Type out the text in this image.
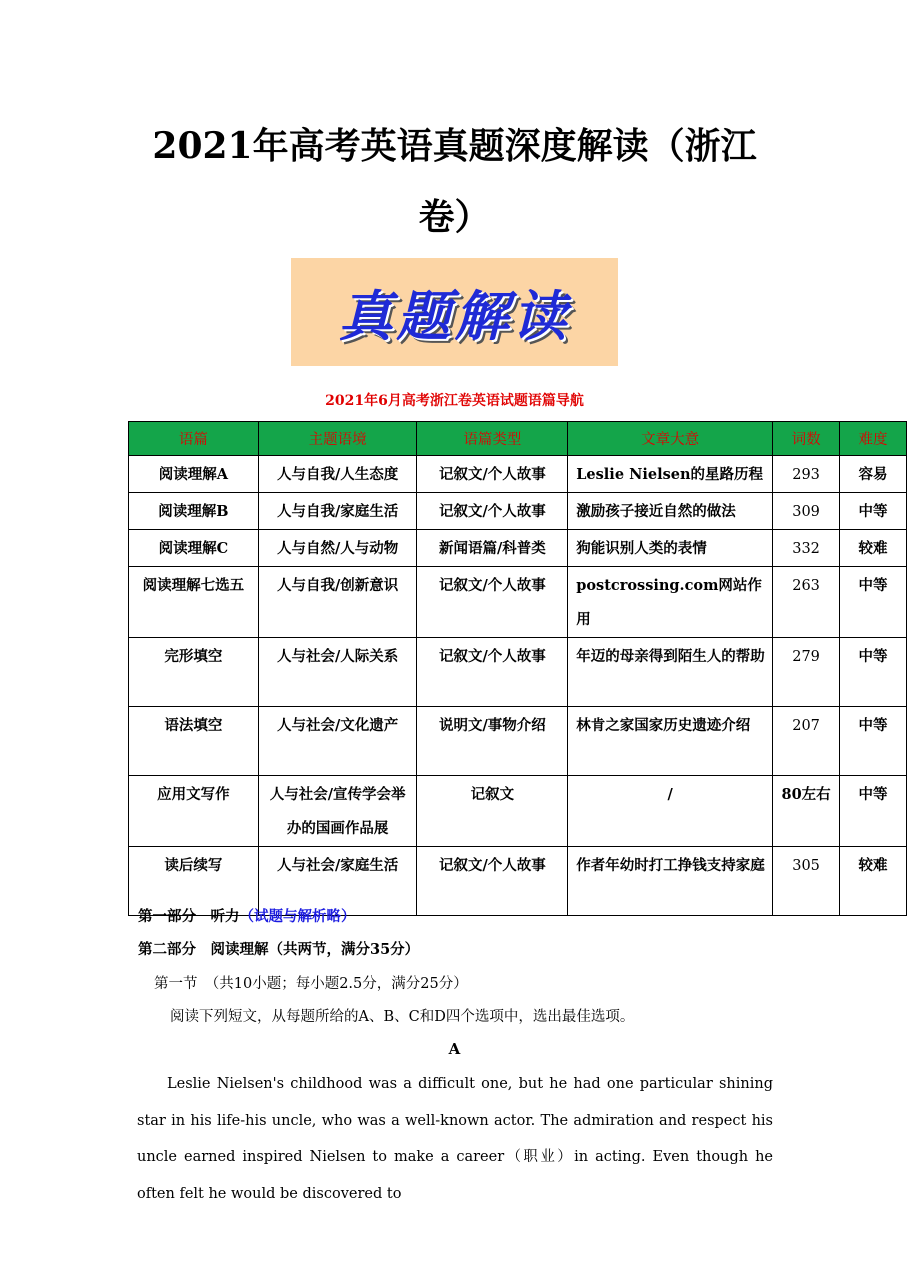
2021年高考英语真题深度解读（浙江
卷）
真题解读
2021年6月高考浙江卷英语试题语篇导航
语篇	主题语境	语篇类型	文章大意	词数	难度
阅读理解A	人与自我/人生态度	记叙文/个人故事	Leslie Nielsen的星路历程	293	容易
阅读理解B	人与自我/家庭生活	记叙文/个人故事	激励孩子接近自然的做法	309	中等
阅读理解C	人与自然/人与动物	新闻语篇/科普类	狗能识别人类的表情	332	较难
阅读理解七选五	人与自我/创新意识	记叙文/个人故事	postcrossing.com网站作用	263	中等
完形填空	人与社会/人际关系	记叙文/个人故事	年迈的母亲得到陌生人的帮助	279	中等
语法填空	人与社会/文化遗产	说明文/事物介绍	林肯之家国家历史遗迹介绍	207	中等
应用文写作	人与社会/宣传学会举办的国画作品展	记叙文	/	80左右	中等
读后续写	人与社会/家庭生活	记叙文/个人故事	作者年幼时打工挣钱支持家庭	305	较难
第一部分　听力（试题与解析略）
第二部分　阅读理解（共两节，满分35分）
第一节　（共10小题；每小题2.5分，满分25分）
阅读下列短文，从每题所给的A、B、C和D四个选项中，选出最佳选项。
A

Leslie Nielsen's childhood was a difficult one, but he had one particular shining star in his life-his uncle, who was a well-known actor. The admiration and respect his uncle earned inspired Nielsen to make a career（职业）in acting. Even though he often felt he would be discovered to
